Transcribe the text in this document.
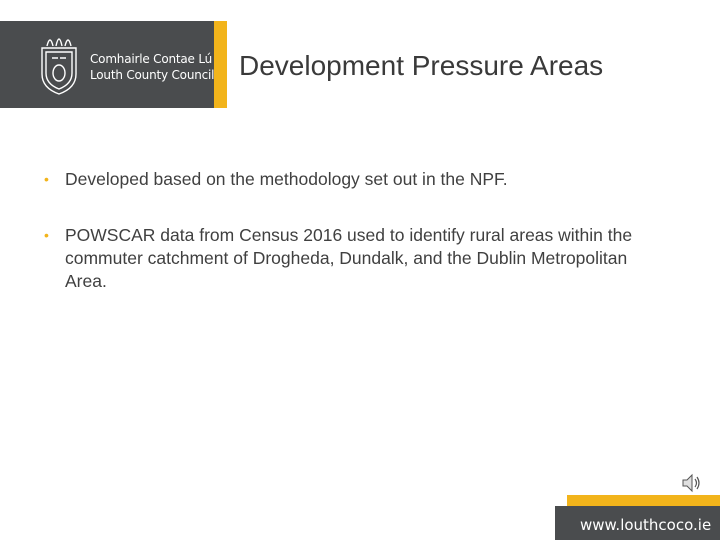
Comhairle Contae Lú
Louth County Council Development Pressure Areas
• Developed based on the methodology set out in the NPF.
• POWSCAR data from Census 2016 used to identify rural areas within the commuter catchment of Drogheda, Dundalk, and the Dublin Metropolitan Area.
www.louthcoco.ie
